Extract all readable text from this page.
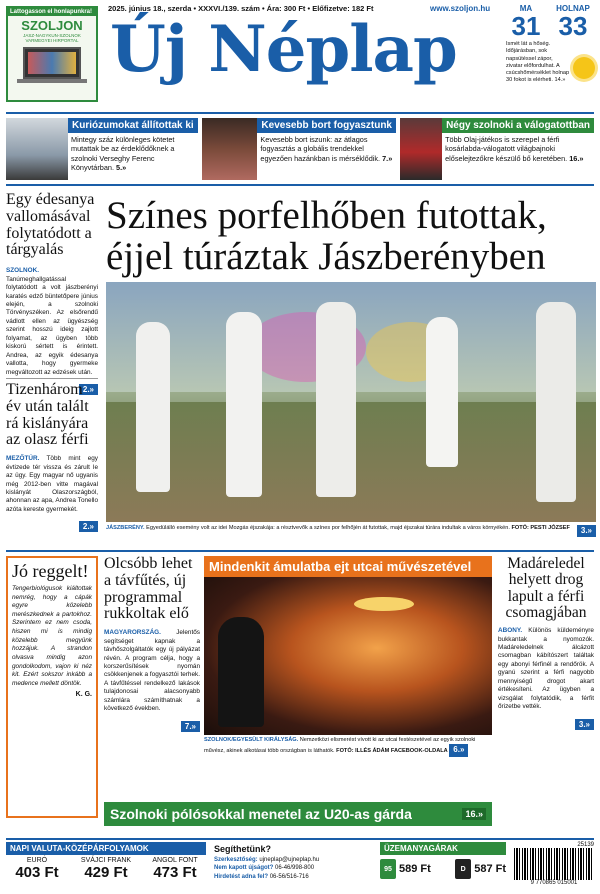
Lattogasson el honlapunkra!
SZOLJON
JASZ-NAGYKUN-SZOLNOK VARMEGYEI HIRPORTAL
2025. június 18., szerda • XXXVI./139. szám • Ára: 300 Ft • Előfizetve: 182 Ft	www.szoljon.hu
Új Néplap
MA
31
HOLNAP
33
Ismét lát a hőség. Időjárásban, sok napsütéssel zápor, zivatar előfordulhat. A csúcshőmérséklet holnap 30 fokot is elérheti. 14.»
Kuriózumokat állítottak ki
Mintegy száz különleges kötetet mutattak be az érdeklődőknek a szolnoki Verseghy Ferenc Könyvtárban. 5.»
Kevesebb bort fogyasztunk
Kevesebb bort iszunk: az átlagos fogyasztás a globális trendekkel egyezően hazánkban is mérséklődik. 7.»
Négy szolnoki a válogatottban
Több Olaj-játékos is szerepel a férfi kosárlabda-válogatott világbajnoki előselejtezőkre készülő bő keretében. 16.»
Egy édesanya vallomásával folytatódott a tárgyalás
SZOLNOK. Tanúmeghallgatással folytatódott a volt jászberényi karatés edző büntetőpere június elején, a szolnoki Törvényszéken. Az elsőrendű vádlott ellen az ügyészség szerint hosszú ideig zajlott folyamat, az ügyben több kiskorú sértett is érintett. Andrea, az egyik édesanya vallotta, hogy gyermeke megváltozott az edzések után.
2.»
Tizenhárom év után talált rá kislányára az olasz férfi
MEZŐTÚR. Több mint egy évtizede tér vissza és zárult le az ügy. Egy magyar nő ugyanis még 2012-ben vitte magával kislányát Olaszországból, ahonnan az apa, Andrea Tonello azóta kereste gyermekét.
2.»
Színes porfelhőben futottak, éjjel túráztak Jászberényben
JÁSZBERÉNY. Egyedülálló esemény volt az idei Mozgás éjszakája: a résztvevők a színes por felhőjén át futottak, majd éjszakai túrára indultak a város környékén. FOTÓ: PESTI JÓZSEF	3.»
Jó reggelt!
Tengerbiológusok kiáltottak nemrég, hogy a cápák egyre közelebb merészkednek a partokhoz. Szerintem ez nem csoda, hiszen mi is mindig közelebb megyünk hozzájuk. A strandon olvasva mindig azon gondolkodom, vajon ki néz kit. Ezért sokszor inkább a medence mellett döntök.
K. G.
Olcsóbb lehet a távfűtés, új programmal rukkoltak elő
MAGYARORSZÁG. Jelentős segítséget kapnak a távhőszolgáltatók egy új pályázat révén. A program célja, hogy a korszerűsítések nyomán csökkenjenek a fogyasztói terhek. A távfűtéssel rendelkező lakások tulajdonosai alacsonyabb számlára számíthatnak a következő években.
7.»
Mindenkit ámulatba ejt utcai művészetével
SZOLNOK/EGYESÜLT KIRÁLYSÁG. Nemzetközi elismerést vívott ki az utcai festészetével az egyik szolnoki művész, akinek alkotásai több országban is láthatók. FOTÓ: ILLÉS ÁDÁM FACEBOOK-OLDALA 6.»
Madáreledel helyett drog lapult a férfi csomagjában
ABONY. Különös küldeményre bukkantak a nyomozók. Madáreledelnek álcázott csomagban kábítószert találtak egy abonyi férfinél a rendőrök. A gyanú szerint a férfi nagyobb mennyiségű drogot akart értékesíteni. Az ügyben a vizsgálat folytatódik, a férfit őrizetbe vették.
3.»
Szolnoki pólósokkal menetel az U20-as gárda	16.»
NAPI VALUTA-KÖZÉPÁRFOLYAMOK
EURÓ
403 Ft
SVÁJCI FRANK
429 Ft
ANGOL FONT
473 Ft
Segíthetünk?
Szerkesztőség: ujneplap@ujneplap.hu
Nem kapott újságot? 06-46/998-800
Hirdetést adna fel? 06-56/516-716
ÜZEMANYAGÁRAK
95 589 Ft	D 587 Ft
25139
9 770865 015001
